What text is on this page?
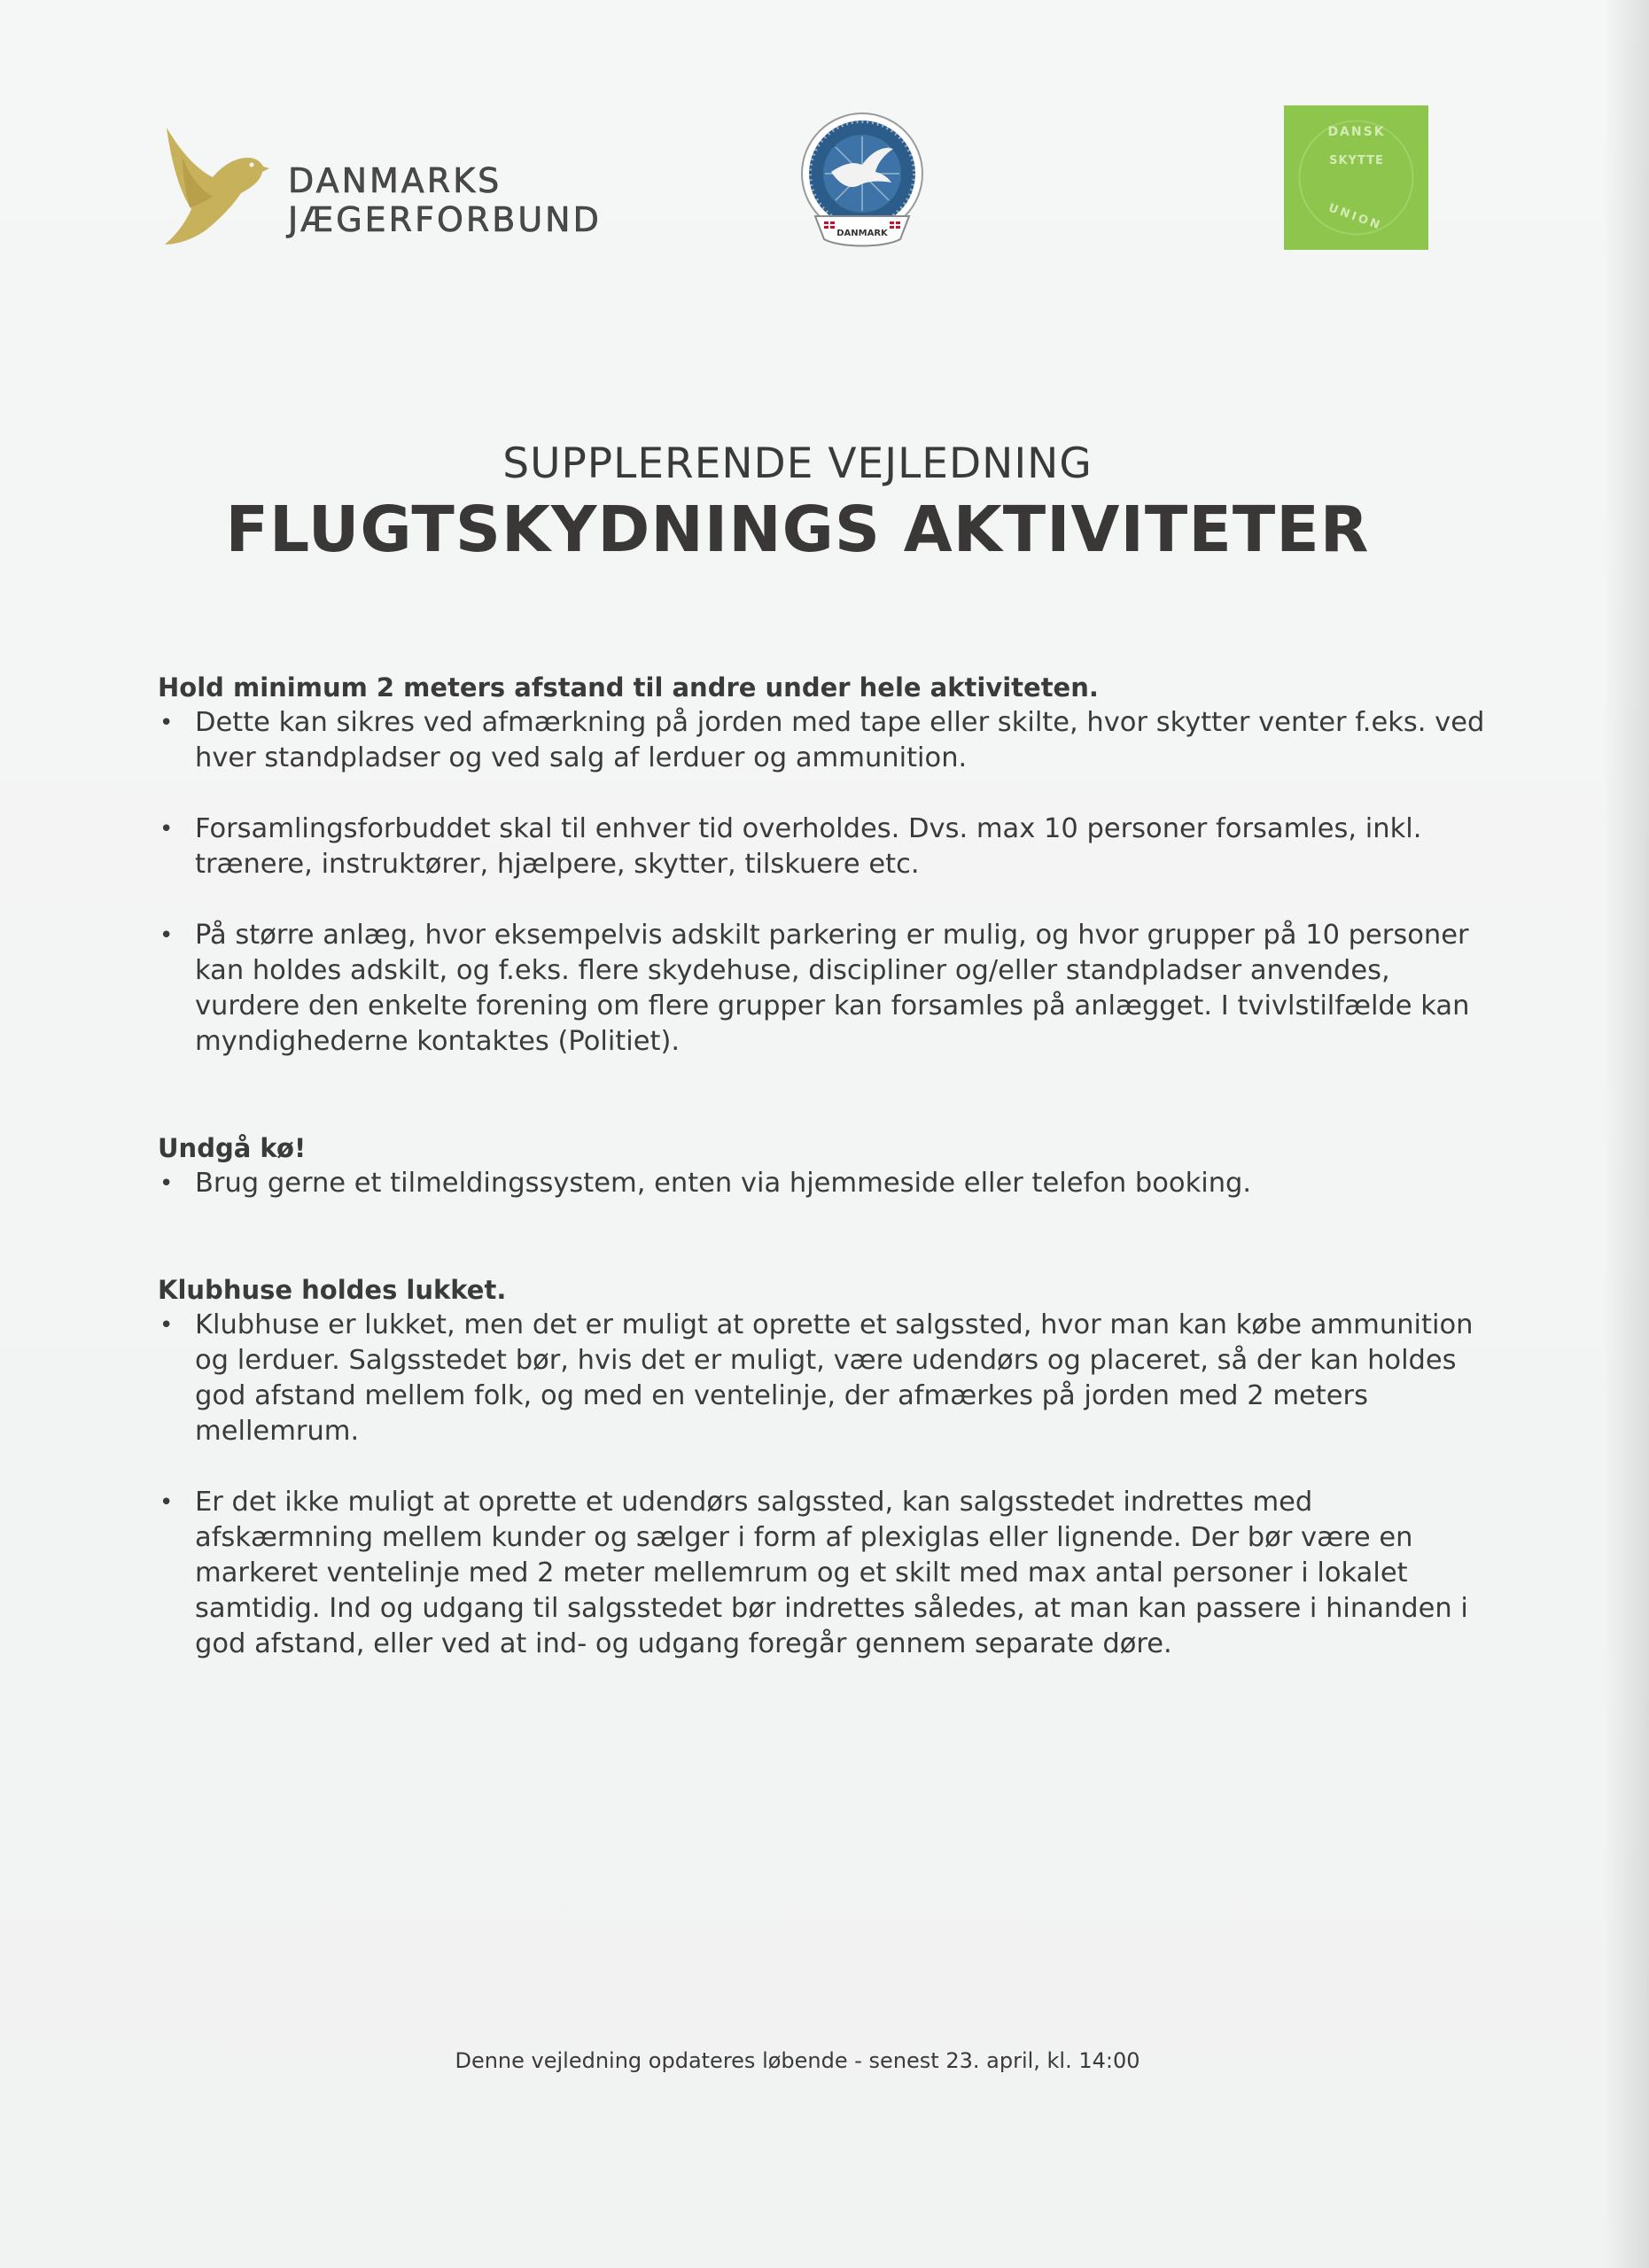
DANMARKS
JÆGERFORBUND	DANMARK
DANSK
SKYTTE
UNION
SUPPLERENDE VEJLEDNING
FLUGTSKYDNINGS AKTIVITETER
Hold minimum 2 meters afstand til andre under hele aktiviteten.
• Dette kan sikres ved afmærkning på jorden med tape eller skilte, hvor skytter venter f.eks. ved hver standpladser og ved salg af lerduer og ammunition.
• Forsamlingsforbuddet skal til enhver tid overholdes. Dvs. max 10 personer forsamles, inkl. trænere, instruktører, hjælpere, skytter, tilskuere etc.
• På større anlæg, hvor eksempelvis adskilt parkering er mulig, og hvor grupper på 10 personer kan holdes adskilt, og f.eks. flere skydehuse, discipliner og/eller standpladser anvendes, vurdere den enkelte forening om flere grupper kan forsamles på anlægget. I tvivlstilfælde kan myndighederne kontaktes (Politiet).
Undgå kø!
• Brug gerne et tilmeldingssystem, enten via hjemmeside eller telefon booking.
Klubhuse holdes lukket.
• Klubhuse er lukket, men det er muligt at oprette et salgssted, hvor man kan købe ammunition og lerduer. Salgsstedet bør, hvis det er muligt, være udendørs og placeret, så der kan holdes god afstand mellem folk, og med en ventelinje, der afmærkes på jorden med 2 meters mellemrum.
• Er det ikke muligt at oprette et udendørs salgssted, kan salgsstedet indrettes med afskærmning mellem kunder og sælger i form af plexiglas eller lignende. Der bør være en markeret ventelinje med 2 meter mellemrum og et skilt med max antal personer i lokalet samtidig. Ind og udgang til salgsstedet bør indrettes således, at man kan passere i hinanden i god afstand, eller ved at ind- og udgang foregår gennem separate døre.
Denne vejledning opdateres løbende - senest 23. april, kl. 14:00
